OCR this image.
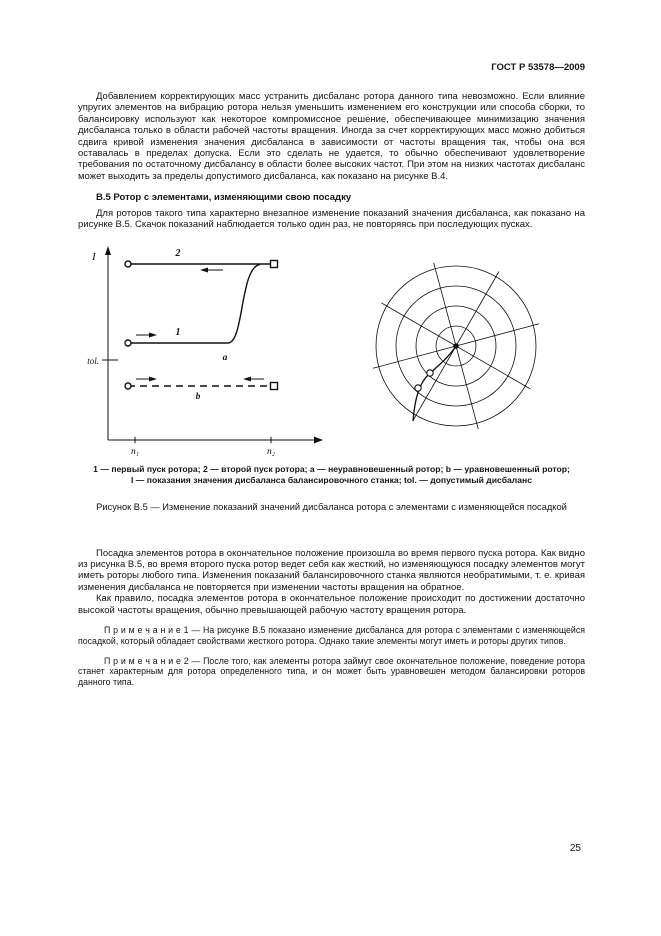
ГОСТ Р 53578—2009

Добавлением корректирующих масс устранить дисбаланс ротора данного типа невозможно. Если влияние упругих элементов на вибрацию ротора нельзя уменьшить изменением его конструкции или способа сборки, то балансировку используют как некоторое компромиссное решение, обеспечивающее минимизацию значения дисбаланса только в области рабочей частоты вращения. Иногда за счет корректирующих масс можно добиться сдвига кривой изменения значения дисбаланса в зависимости от частоты вращения так, чтобы она вся оставалась в пределах допуска. Если это сделать не удается, то обычно обеспечивают удовлетворение требования по остаточному дисбалансу в области более высоких частот. При этом на низких частотах дисбаланс может выходить за пределы допустимого дисбаланса, как показано на рисунке В.4.

В.5 Ротор с элементами, изменяющими свою посадку

Для роторов такого типа характерно внезапное изменение показаний значения дисбаланса, как показано на рисунке В.5. Скачок показаний наблюдается только один раз, не повторяясь при последующих пусках.

I	2
1
a
b
tol.
n₁	n₂
1 — первый пуск ротора; 2 — второй пуск ротора; a — неуравновешенный ротор; b — уравновешенный ротор;
I — показания значения дисбаланса балансировочного станка; tol. — допустимый дисбаланс

Рисунок В.5 — Изменение показаний значений дисбаланса ротора с элементами с изменяющейся посадкой

Посадка элементов ротора в окончательное положение произошла во время первого пуска ротора. Как видно из рисунка В.5, во время второго пуска ротор ведет себя как жесткий, но изменяющуюся посадку элементов могут иметь роторы любого типа. Изменения показаний балансировочного станка являются необратимыми, т. е. кривая изменения дисбаланса не повторяется при изменении частоты вращения на обратное.

Как правило, посадка элементов ротора в окончательное положение происходит по достижении достаточно высокой частоты вращения, обычно превышающей рабочую частоту вращения ротора.

П р и м е ч а н и е 1 — На рисунке В.5 показано изменение дисбаланса для ротора с элементами с изменяющейся посадкой, который обладает свойствами жесткого ротора. Однако такие элементы могут иметь и роторы других типов.

П р и м е ч а н и е 2 — После того, как элементы ротора займут свое окончательное положение, поведение ротора станет характерным для ротора определенного типа, и он может быть уравновешен методом балансировки роторов данного типа.

25
